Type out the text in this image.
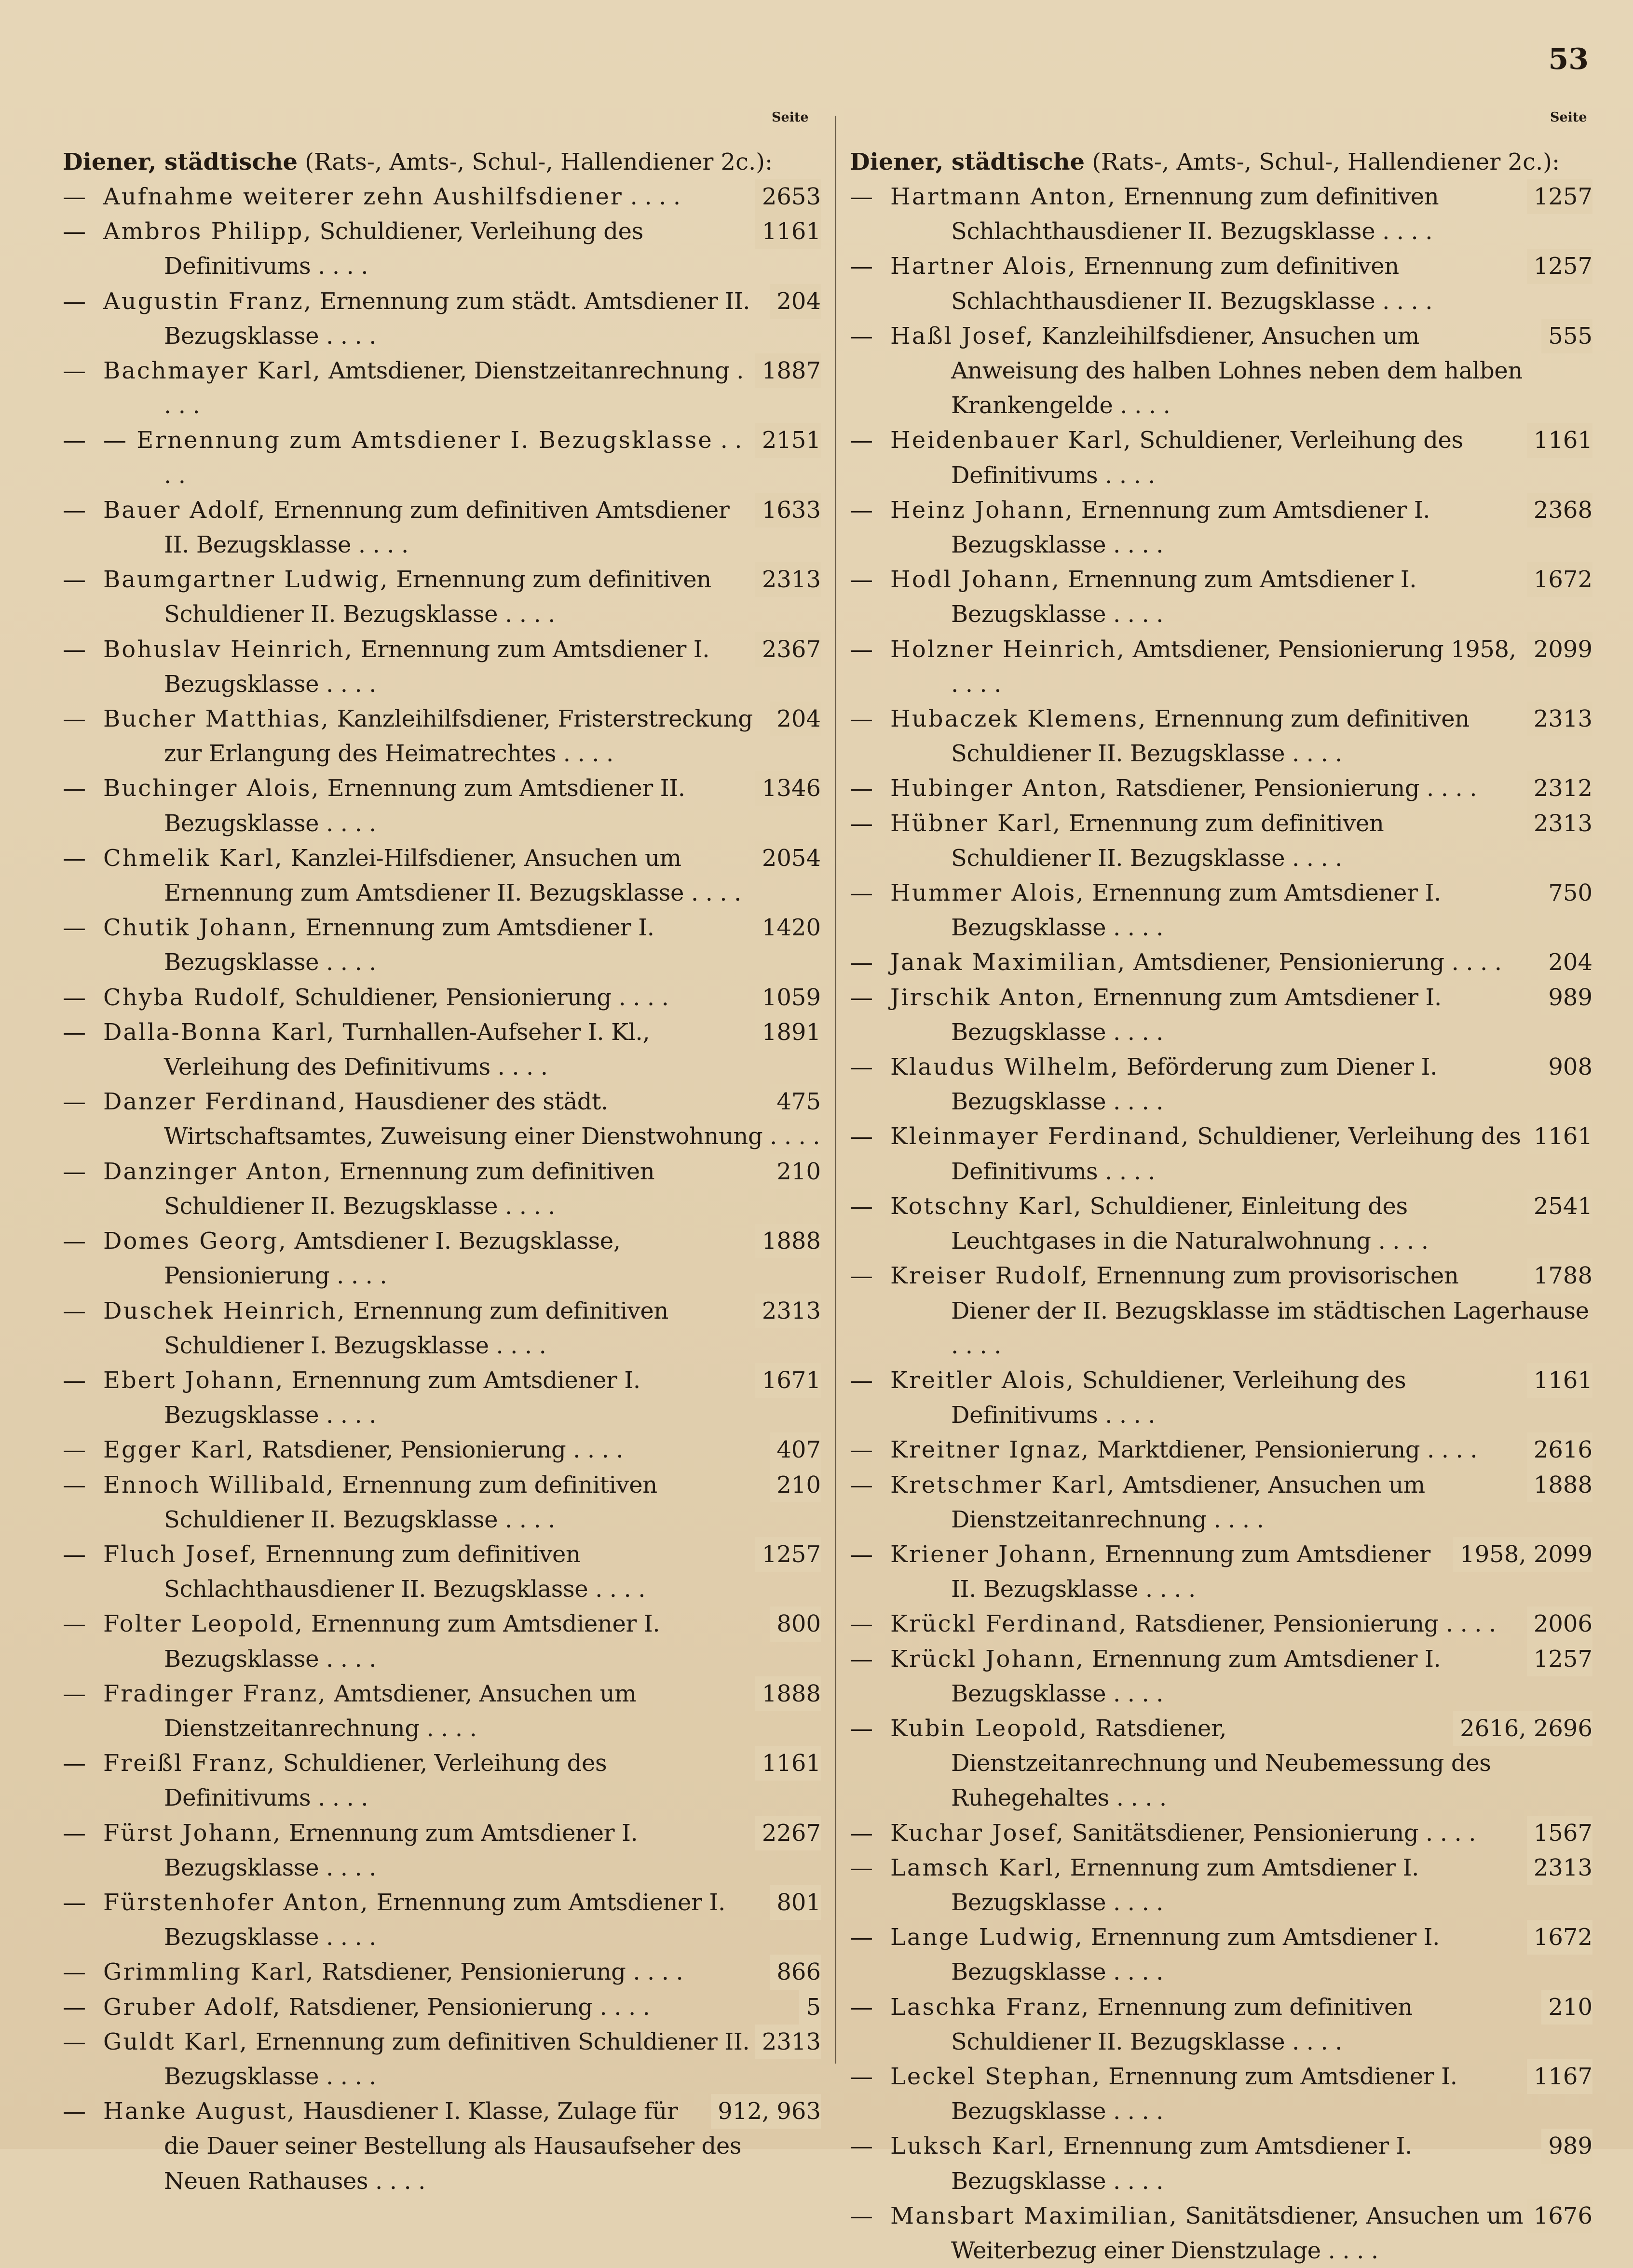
53
Seite	Seite
Diener, städtische (Rats-, Amts-, Schul-, Hallendiener 2c.):
2653
— Aufnahme weiterer zehn Aushilfsdiener . . . .
1161
— Ambros Philipp, Schuldiener, Verleihung des Definitivums . . . .
204
— Augustin Franz, Ernennung zum städt. Amtsdiener II. Bezugsklasse . . . .
1887
— Bachmayer Karl, Amtsdiener, Dienstzeitanrechnung . . . .
2151
— — Ernennung zum Amtsdiener I. Bezugsklasse . . . .
1633
— Bauer Adolf, Ernennung zum definitiven Amtsdiener II. Bezugsklasse . . . .
2313
— Baumgartner Ludwig, Ernennung zum definitiven Schuldiener II. Bezugsklasse . . . .
2367
— Bohuslav Heinrich, Ernennung zum Amtsdiener I. Bezugsklasse . . . .
204
— Bucher Matthias, Kanzleihilfsdiener, Fristerstreckung zur Erlangung des Heimatrechtes . . . .
1346
— Buchinger Alois, Ernennung zum Amtsdiener II. Bezugsklasse . . . .
2054
— Chmelik Karl, Kanzlei-Hilfsdiener, Ansuchen um Ernennung zum Amtsdiener II. Bezugsklasse . . . .
1420
— Chutik Johann, Ernennung zum Amtsdiener I. Bezugsklasse . . . .
1059
— Chyba Rudolf, Schuldiener, Pensionierung . . . .
1891
— Dalla-Bonna Karl, Turnhallen-Aufseher I. Kl., Verleihung des Definitivums . . . .
475
— Danzer Ferdinand, Hausdiener des städt. Wirtschaftsamtes, Zuweisung einer Dienstwohnung . . . .
210
— Danzinger Anton, Ernennung zum definitiven Schuldiener II. Bezugsklasse . . . .
1888
— Domes Georg, Amtsdiener I. Bezugsklasse, Pensionierung . . . .
2313
— Duschek Heinrich, Ernennung zum definitiven Schuldiener I. Bezugsklasse . . . .
1671
— Ebert Johann, Ernennung zum Amtsdiener I. Bezugsklasse . . . .
407
— Egger Karl, Ratsdiener, Pensionierung . . . .
210
— Ennoch Willibald, Ernennung zum definitiven Schuldiener II. Bezugsklasse . . . .
1257
— Fluch Josef, Ernennung zum definitiven Schlachthausdiener II. Bezugsklasse . . . .
800
— Folter Leopold, Ernennung zum Amtsdiener I. Bezugsklasse . . . .
1888
— Fradinger Franz, Amtsdiener, Ansuchen um Dienstzeitanrechnung . . . .
1161
— Freißl Franz, Schuldiener, Verleihung des Definitivums . . . .
2267
— Fürst Johann, Ernennung zum Amtsdiener I. Bezugsklasse . . . .
801
— Fürstenhofer Anton, Ernennung zum Amtsdiener I. Bezugsklasse . . . .
866
— Grimmling Karl, Ratsdiener, Pensionierung . . . .
5
— Gruber Adolf, Ratsdiener, Pensionierung . . . .
2313
— Guldt Karl, Ernennung zum definitiven Schuldiener II. Bezugsklasse . . . .
912, 963
— Hanke August, Hausdiener I. Klasse, Zulage für die Dauer seiner Bestellung als Hausaufseher des Neuen Rathauses . . . .
Diener, städtische (Rats-, Amts-, Schul-, Hallendiener 2c.):
1257
— Hartmann Anton, Ernennung zum definitiven Schlachthausdiener II. Bezugsklasse . . . .
1257
— Hartner Alois, Ernennung zum definitiven Schlachthausdiener II. Bezugsklasse . . . .
555
— Haßl Josef, Kanzleihilfsdiener, Ansuchen um Anweisung des halben Lohnes neben dem halben Krankengelde . . . .
1161
— Heidenbauer Karl, Schuldiener, Verleihung des Definitivums . . . .
2368
— Heinz Johann, Ernennung zum Amtsdiener I. Bezugsklasse . . . .
1672
— Hodl Johann, Ernennung zum Amtsdiener I. Bezugsklasse . . . .
2099
— Holzner Heinrich, Amtsdiener, Pensionierung 1958, . . . .
2313
— Hubaczek Klemens, Ernennung zum definitiven Schuldiener II. Bezugsklasse . . . .
2312
— Hubinger Anton, Ratsdiener, Pensionierung . . . .
2313
— Hübner Karl, Ernennung zum definitiven Schuldiener II. Bezugsklasse . . . .
750
— Hummer Alois, Ernennung zum Amtsdiener I. Bezugsklasse . . . .
204
— Janak Maximilian, Amtsdiener, Pensionierung . . . .
989
— Jirschik Anton, Ernennung zum Amtsdiener I. Bezugsklasse . . . .
908
— Klaudus Wilhelm, Beförderung zum Diener I. Bezugsklasse . . . .
1161
— Kleinmayer Ferdinand, Schuldiener, Verleihung des Definitivums . . . .
2541
— Kotschny Karl, Schuldiener, Einleitung des Leuchtgases in die Naturalwohnung . . . .
1788
— Kreiser Rudolf, Ernennung zum provisorischen Diener der II. Bezugsklasse im städtischen Lagerhause . . . .
1161
— Kreitler Alois, Schuldiener, Verleihung des Definitivums . . . .
2616
— Kreitner Ignaz, Marktdiener, Pensionierung . . . .
1888
— Kretschmer Karl, Amtsdiener, Ansuchen um Dienstzeitanrechnung . . . .
1958, 2099
— Kriener Johann, Ernennung zum Amtsdiener II. Bezugsklasse . . . .
2006
— Krückl Ferdinand, Ratsdiener, Pensionierung . . . .
1257
— Krückl Johann, Ernennung zum Amtsdiener I. Bezugsklasse . . . .
2616, 2696
— Kubin Leopold, Ratsdiener, Dienstzeitanrechnung und Neubemessung des Ruhegehaltes . . . .
1567
— Kuchar Josef, Sanitätsdiener, Pensionierung . . . .
2313
— Lamsch Karl, Ernennung zum Amtsdiener I. Bezugsklasse . . . .
1672
— Lange Ludwig, Ernennung zum Amtsdiener I. Bezugsklasse . . . .
210
— Laschka Franz, Ernennung zum definitiven Schuldiener II. Bezugsklasse . . . .
1167
— Leckel Stephan, Ernennung zum Amtsdiener I. Bezugsklasse . . . .
989
— Luksch Karl, Ernennung zum Amtsdiener I. Bezugsklasse . . . .
1676
— Mansbart Maximilian, Sanitätsdiener, Ansuchen um Weiterbezug einer Dienstzulage . . . .
